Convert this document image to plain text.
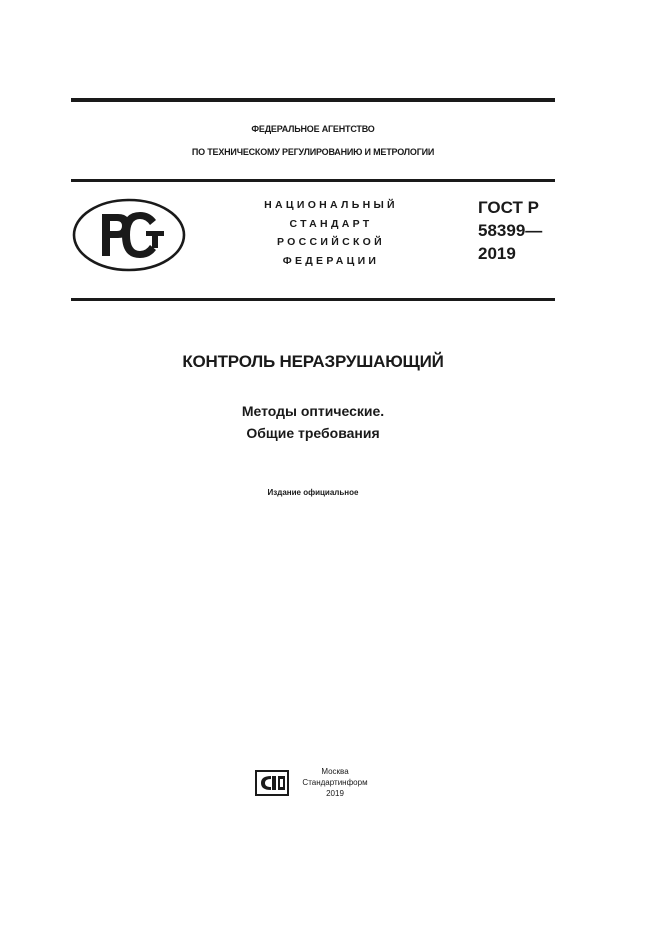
ФЕДЕРАЛЬНОЕ АГЕНТСТВО
ПО ТЕХНИЧЕСКОМУ РЕГУЛИРОВАНИЮ И МЕТРОЛОГИИ
НАЦИОНАЛЬНЫЙ
СТАНДАРТ
РОССИЙСКОЙ
ФЕДЕРАЦИИ
ГОСТ Р
58399—
2019
КОНТРОЛЬ НЕРАЗРУШАЮЩИЙ
Методы оптические.
Общие требования
Издание официальное
Москва
Стандартинформ
2019
